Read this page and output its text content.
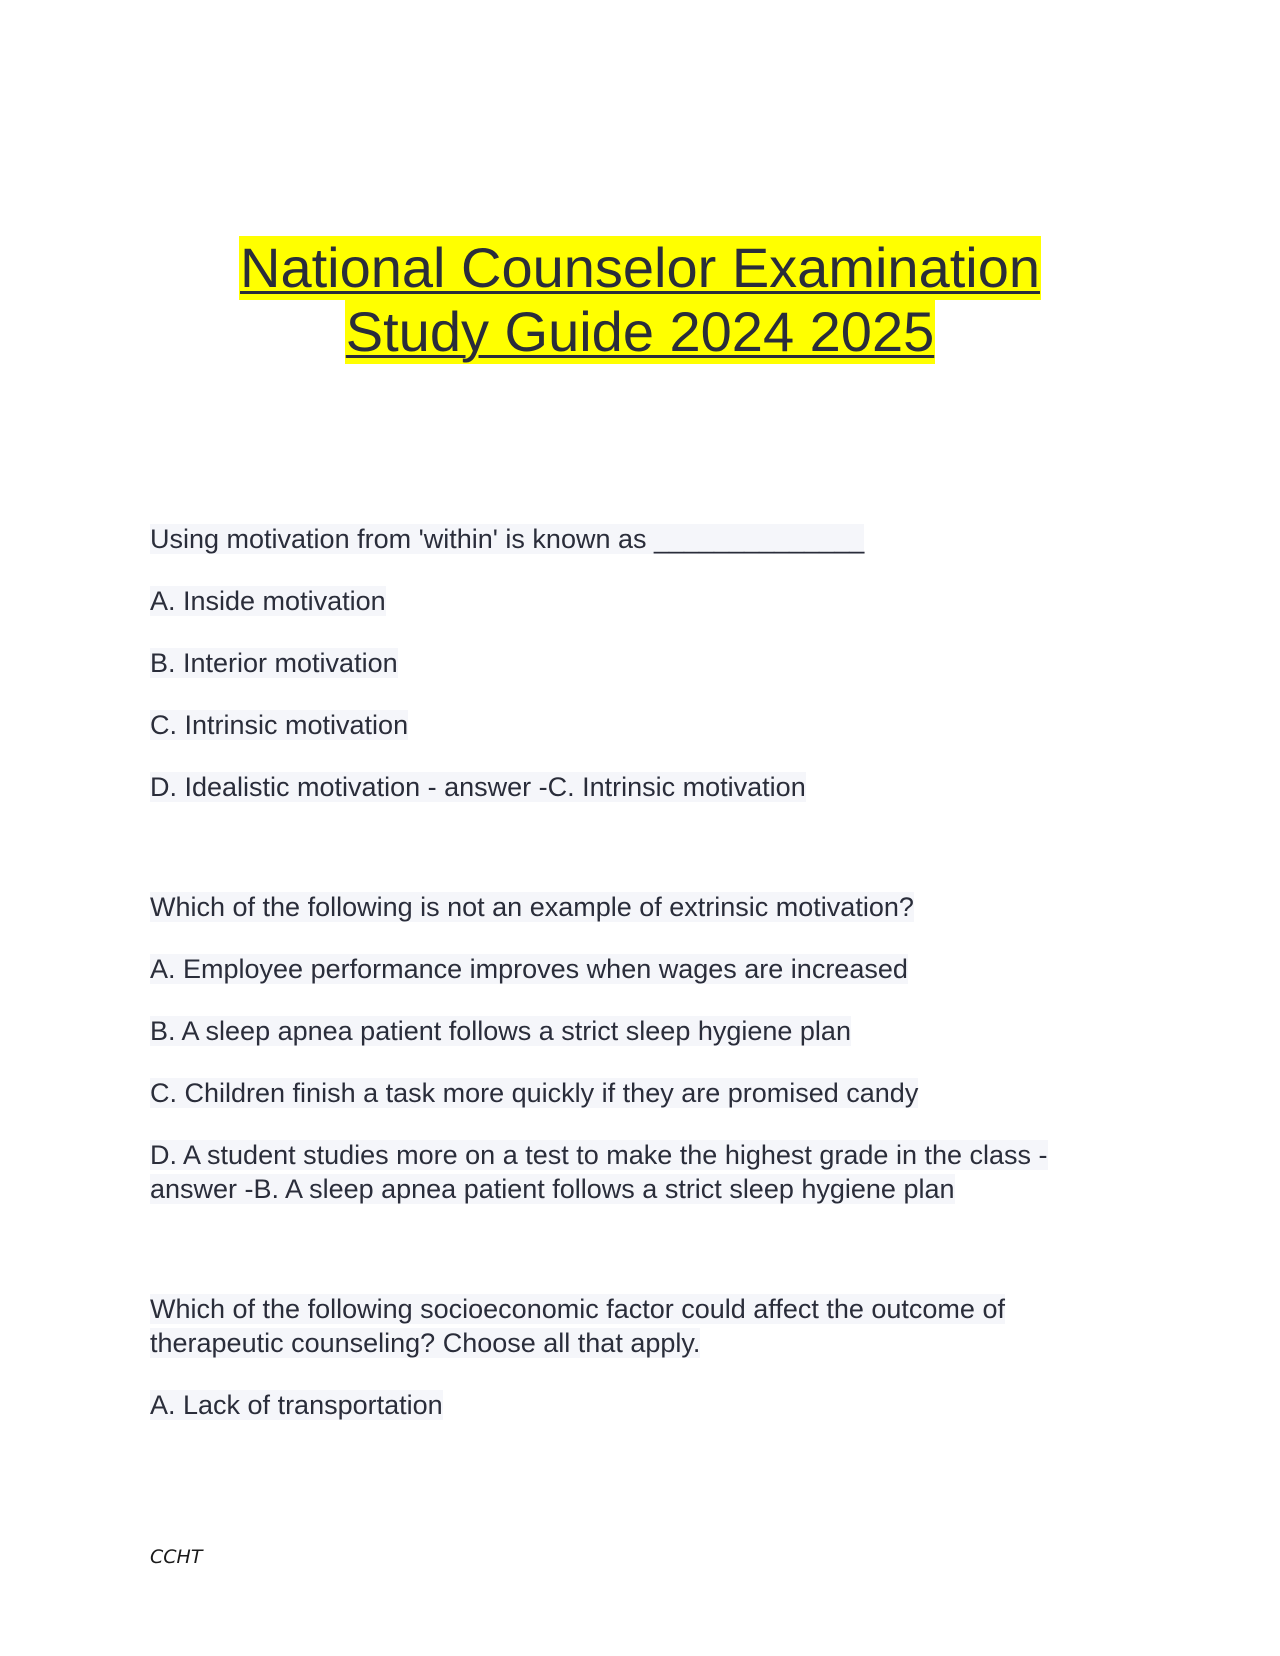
National Counselor Examination
Study Guide 2024 2025

Using motivation from 'within' is known as ______________

A. Inside motivation

B. Interior motivation

C. Intrinsic motivation

D. Idealistic motivation - answer -C. Intrinsic motivation

Which of the following is not an example of extrinsic motivation?

A. Employee performance improves when wages are increased

B. A sleep apnea patient follows a strict sleep hygiene plan

C. Children finish a task more quickly if they are promised candy

D. A student studies more on a test to make the highest grade in the class - answer -B. A sleep apnea patient follows a strict sleep hygiene plan

Which of the following socioeconomic factor could affect the outcome of therapeutic counseling? Choose all that apply.

A. Lack of transportation

CCHT
